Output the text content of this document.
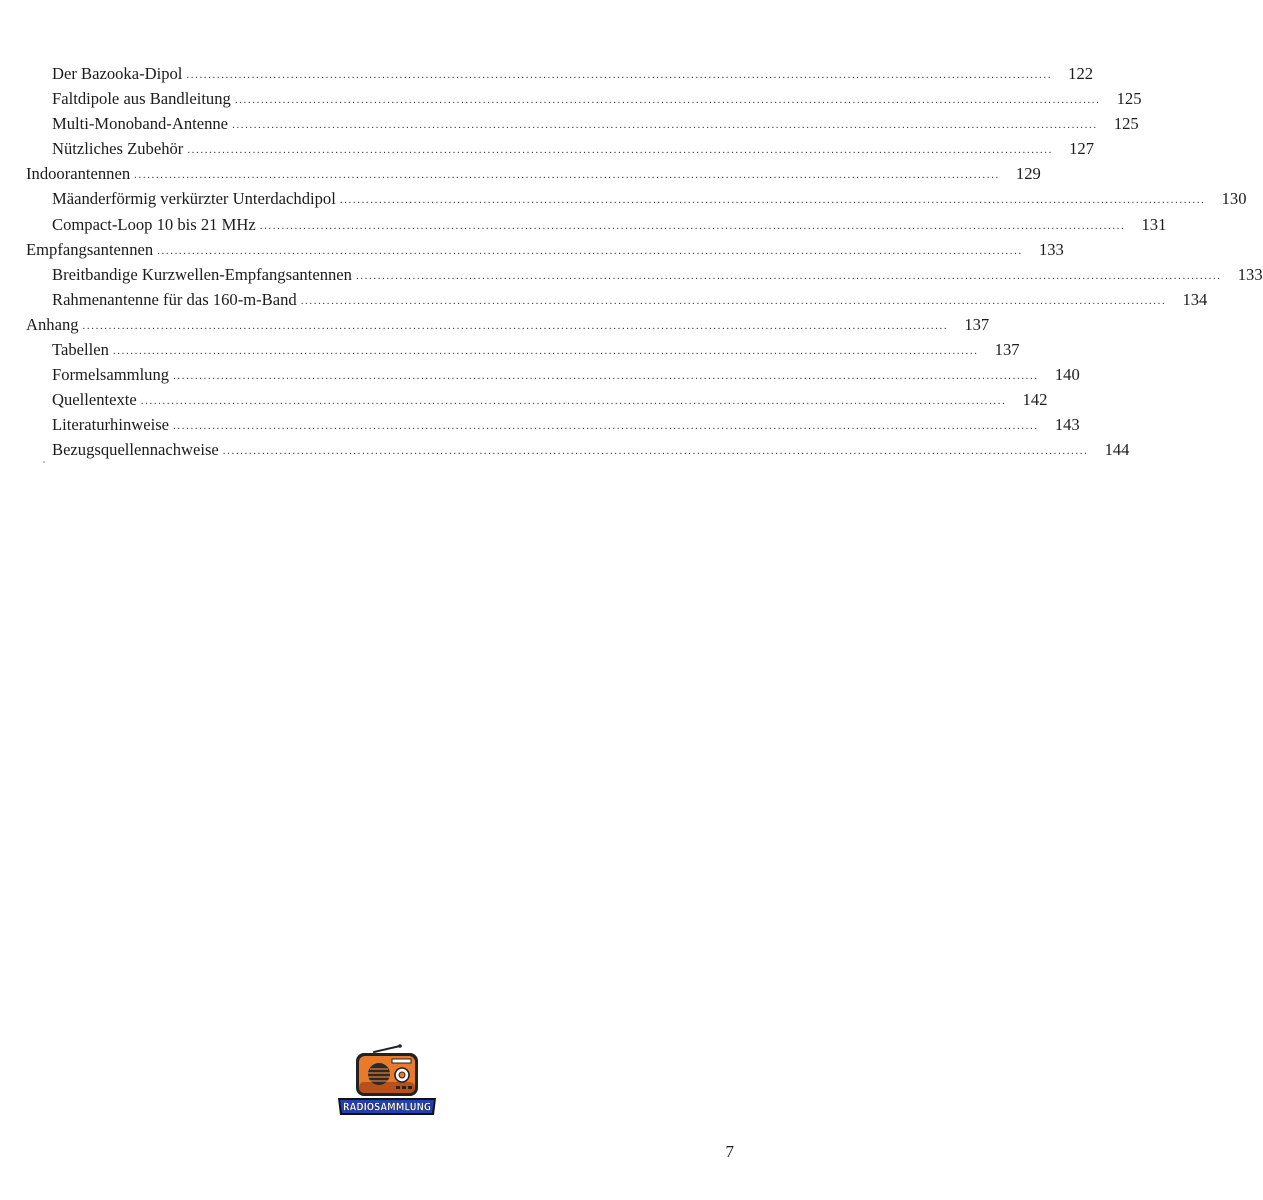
Der Bazooka-Dipol .....	122
Faltdipole aus Bandleitung .....	125
Multi-Monoband-Antenne .....	125
Nützliches Zubehör .....	127
Indoorantennen .....	129
Mäanderförmig verkürzter Unterdachdipol .....	130
Compact-Loop 10 bis 21 MHz .....	131
Empfangsantennen .....	133
Breitbandige Kurzwellen-Empfangsantennen .....	133
Rahmenantenne für das 160-m-Band .....	134
Anhang .....	137
Tabellen .....	137
Formelsammlung .....	140
Quellentexte .....	142
Literaturhinweise .....	143
Bezugsquellennachweise .....	144
RADIOSAMMLUNG
7
